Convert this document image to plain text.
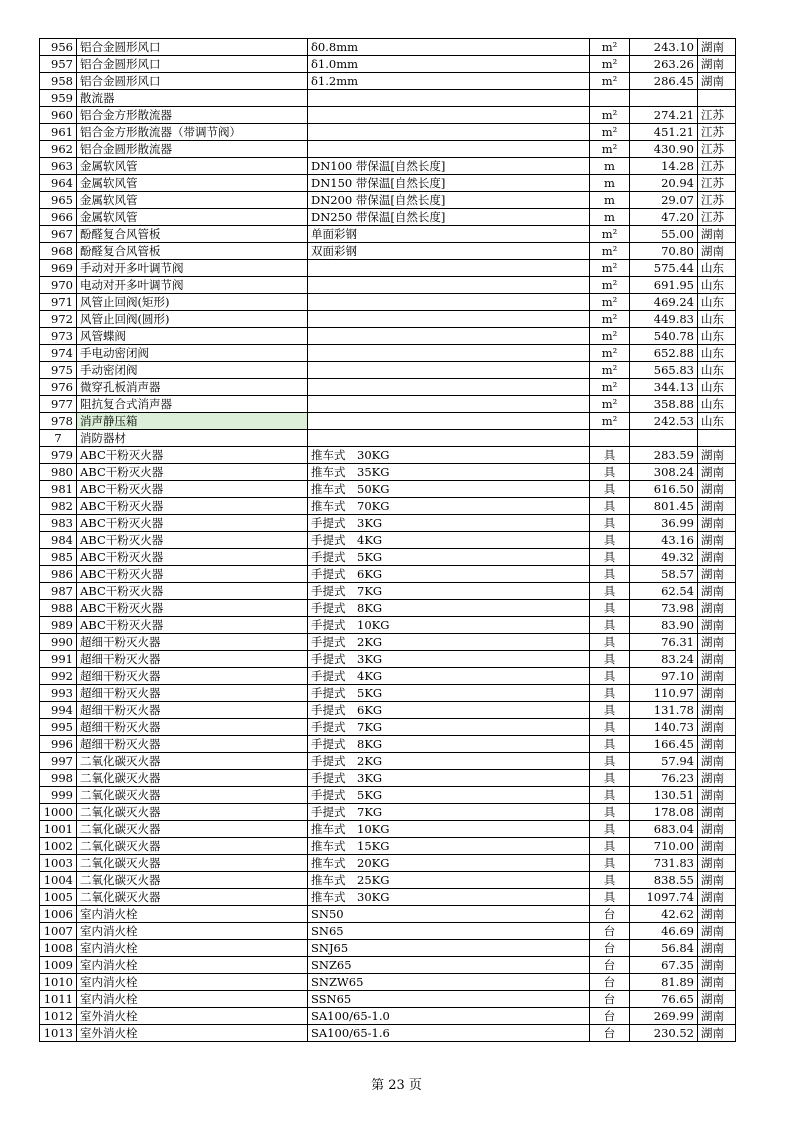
956	铝合金圆形风口	δ0.8mm	m²	243.10	湖南
957	铝合金圆形风口	δ1.0mm	m²	263.26	湖南
958	铝合金圆形风口	δ1.2mm	m²	286.45	湖南
959	散流器				
960	铝合金方形散流器		m²	274.21	江苏
961	铝合金方形散流器（带调节阀）		m²	451.21	江苏
962	铝合金圆形散流器		m²	430.90	江苏
963	金属软风管	DN100 带保温[自然长度]	m	14.28	江苏
964	金属软风管	DN150 带保温[自然长度]	m	20.94	江苏
965	金属软风管	DN200 带保温[自然长度]	m	29.07	江苏
966	金属软风管	DN250 带保温[自然长度]	m	47.20	江苏
967	酚醛复合风管板	单面彩钢	m²	55.00	湖南
968	酚醛复合风管板	双面彩钢	m²	70.80	湖南
969	手动对开多叶调节阀		m²	575.44	山东
970	电动对开多叶调节阀		m²	691.95	山东
971	风管止回阀(矩形)		m²	469.24	山东
972	风管止回阀(圆形)		m²	449.83	山东
973	风管蝶阀		m²	540.78	山东
974	手电动密闭阀		m²	652.88	山东
975	手动密闭阀		m²	565.83	山东
976	微穿孔板消声器		m²	344.13	山东
977	阻抗复合式消声器		m²	358.88	山东
978	消声静压箱		m²	242.53	山东
7	消防器材				
979	ABC干粉灭火器	推车式　30KG	具	283.59	湖南
980	ABC干粉灭火器	推车式　35KG	具	308.24	湖南
981	ABC干粉灭火器	推车式　50KG	具	616.50	湖南
982	ABC干粉灭火器	推车式　70KG	具	801.45	湖南
983	ABC干粉灭火器	手提式　3KG	具	36.99	湖南
984	ABC干粉灭火器	手提式　4KG	具	43.16	湖南
985	ABC干粉灭火器	手提式　5KG	具	49.32	湖南
986	ABC干粉灭火器	手提式　6KG	具	58.57	湖南
987	ABC干粉灭火器	手提式　7KG	具	62.54	湖南
988	ABC干粉灭火器	手提式　8KG	具	73.98	湖南
989	ABC干粉灭火器	手提式　10KG	具	83.90	湖南
990	超细干粉灭火器	手提式　2KG	具	76.31	湖南
991	超细干粉灭火器	手提式　3KG	具	83.24	湖南
992	超细干粉灭火器	手提式　4KG	具	97.10	湖南
993	超细干粉灭火器	手提式　5KG	具	110.97	湖南
994	超细干粉灭火器	手提式　6KG	具	131.78	湖南
995	超细干粉灭火器	手提式　7KG	具	140.73	湖南
996	超细干粉灭火器	手提式　8KG	具	166.45	湖南
997	二氧化碳灭火器	手提式　2KG	具	57.94	湖南
998	二氧化碳灭火器	手提式　3KG	具	76.23	湖南
999	二氧化碳灭火器	手提式　5KG	具	130.51	湖南
1000	二氧化碳灭火器	手提式　7KG	具	178.08	湖南
1001	二氧化碳灭火器	推车式　10KG	具	683.04	湖南
1002	二氧化碳灭火器	推车式　15KG	具	710.00	湖南
1003	二氧化碳灭火器	推车式　20KG	具	731.83	湖南
1004	二氧化碳灭火器	推车式　25KG	具	838.55	湖南
1005	二氧化碳灭火器	推车式　30KG	具	1097.74	湖南
1006	室内消火栓	SN50	台	42.62	湖南
1007	室内消火栓	SN65	台	46.69	湖南
1008	室内消火栓	SNJ65	台	56.84	湖南
1009	室内消火栓	SNZ65	台	67.35	湖南
1010	室内消火栓	SNZW65	台	81.89	湖南
1011	室内消火栓	SSN65	台	76.65	湖南
1012	室外消火栓	SA100/65-1.0	台	269.99	湖南
1013	室外消火栓	SA100/65-1.6	台	230.52	湖南
第 23 页
